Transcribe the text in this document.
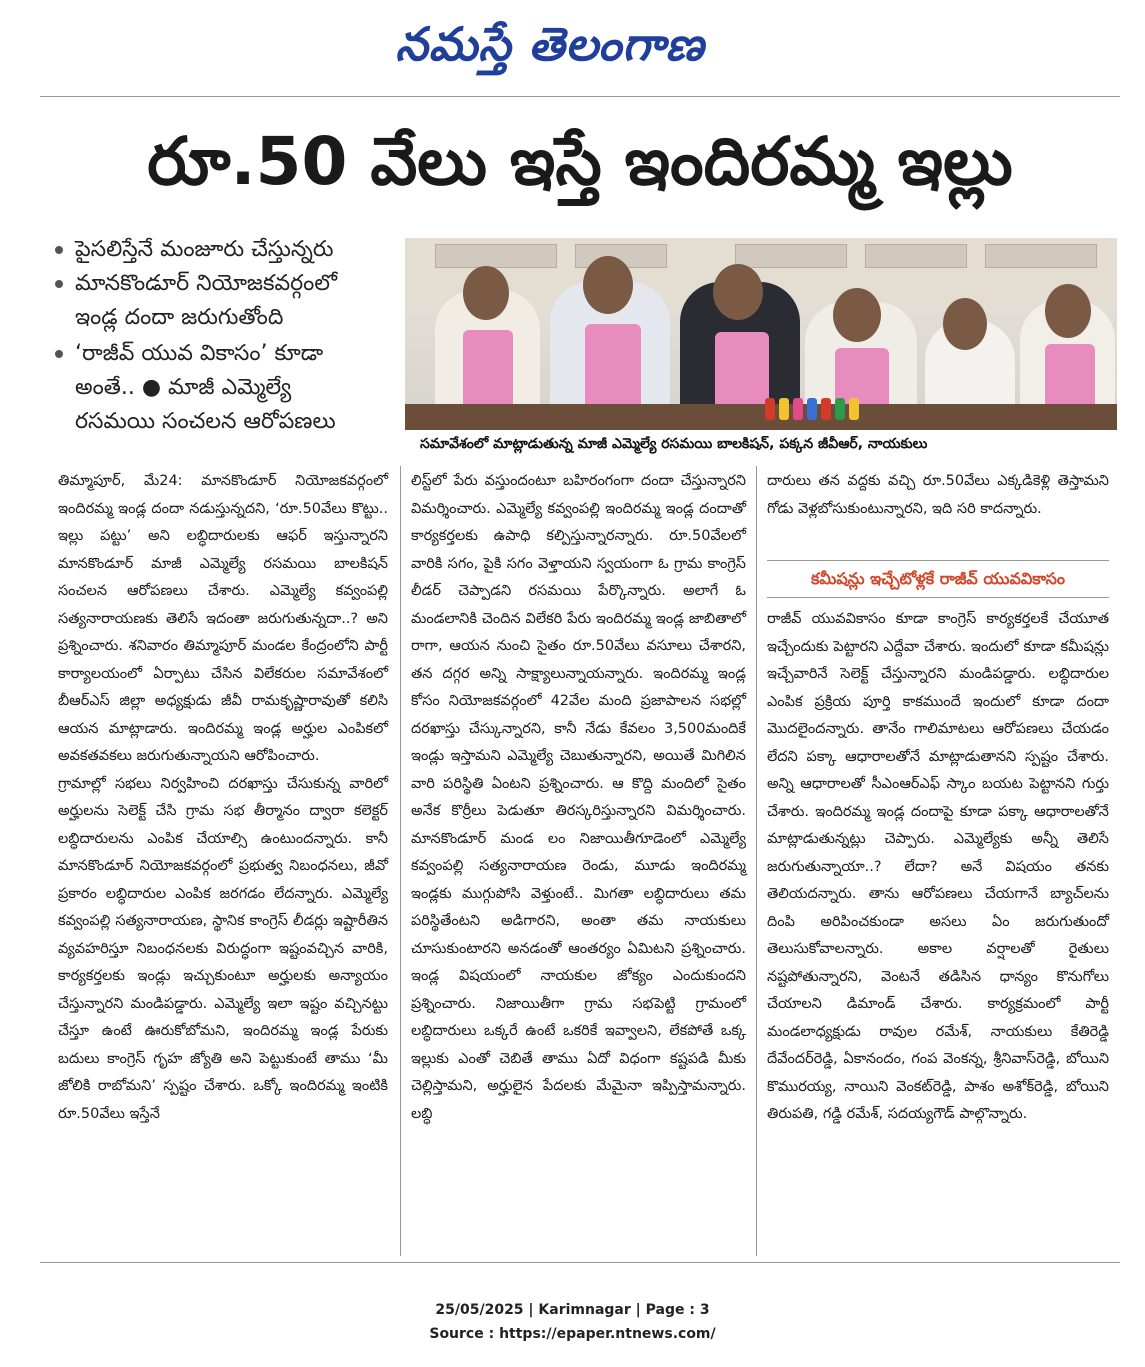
నమస్తే తెలంగాణ
రూ.50 వేలు ఇస్తే ఇందిరమ్మ ఇల్లు
పైసలిస్తేనే మంజూరు చేస్తున్నరు
మానకొండూర్ నియోజకవర్గంలో
ఇండ్ల దందా జరుగుతోంది
‘రాజీవ్ యువ వికాసం’ కూడా
అంతే.. ● మాజీ ఎమ్మెల్యే
రసమయి సంచలన ఆరోపణలు
సమావేశంలో మాట్లాడుతున్న మాజీ ఎమ్మెల్యే రసమయి బాలకిషన్, పక్కన జీవీఆర్, నాయకులు

తిమ్మాపూర్, మే24: మానకొండూర్ నియోజకవర్గంలో ఇందిరమ్మ ఇండ్ల దందా నడుస్తున్నదని, ‘రూ.50వేలు కొట్టు.. ఇల్లు పట్టు’ అని లబ్ధిదారులకు ఆఫర్ ఇస్తున్నారని మానకొండూర్ మాజీ ఎమ్మెల్యే రసమయి బాలకిషన్ సంచలన ఆరోపణలు చేశారు. ఎమ్మెల్యే కవ్వంపల్లి సత్యనారాయణకు తెలిసే ఇదంతా జరుగుతున్నదా..? అని ప్రశ్నించారు. శనివారం తిమ్మాపూర్ మండల కేంద్రంలోని పార్టీ కార్యాలయంలో ఏర్పాటు చేసిన విలేకరుల సమావేశంలో బీఆర్ఎస్ జిల్లా అధ్యక్షుడు జీవీ రామకృష్ణారావుతో కలిసి ఆయన మాట్లాడారు. ఇందిరమ్మ ఇండ్ల అర్హుల ఎంపికలో అవకతవకలు జరుగుతున్నాయని ఆరోపించారు.

గ్రామాల్లో సభలు నిర్వహించి దరఖాస్తు చేసుకున్న వారిలో అర్హులను సెలెక్ట్ చేసి గ్రామ సభ తీర్మానం ద్వారా కలెక్టర్ లబ్ధిదారులను ఎంపిక చేయాల్సి ఉంటుందన్నారు. కానీ మానకొండూర్ నియోజకవర్గంలో ప్రభుత్వ నిబంధనలు, జీవో ప్రకారం లబ్ధిదారుల ఎంపిక జరగడం లేదన్నారు. ఎమ్మెల్యే కవ్వంపల్లి సత్యనారాయణ, స్థానిక కాంగ్రెస్ లీడర్లు ఇష్టారీతిన వ్యవహరిస్తూ నిబంధనలకు విరుద్ధంగా ఇష్టంవచ్చిన వారికి, కార్యకర్తలకు ఇండ్లు ఇచ్చుకుంటూ అర్హులకు అన్యాయం చేస్తున్నారని మండిపడ్డారు. ఎమ్మెల్యే ఇలా ఇష్టం వచ్చినట్టు చేస్తూ ఉంటే ఊరుకోబోమని, ఇందిరమ్మ ఇండ్ల పేరుకు బదులు కాంగ్రెస్ గృహ జ్యోతి అని పెట్టుకుంటే తాము ‘మీ జోలికి రాబోమని’ స్పష్టం చేశారు. ఒక్కో ఇందిరమ్మ ఇంటికి రూ.50వేలు ఇస్తేనే

లిస్ట్‌లో పేరు వస్తుందంటూ బహిరంగంగా దందా చేస్తున్నారని విమర్శించారు. ఎమ్మెల్యే కవ్వంపల్లి ఇందిరమ్మ ఇండ్ల దందాతో కార్యకర్తలకు ఉపాధి కల్పిస్తున్నారన్నారు. రూ.50వేలలో వారికి సగం, పైకి సగం వెళ్తాయని స్వయంగా ఓ గ్రామ కాంగ్రెస్ లీడర్ చెప్పాడని రసమయి పేర్కొన్నారు. అలాగే ఓ మండలానికి చెందిన విలేకరి పేరు ఇందిరమ్మ ఇండ్ల జాబితాలో రాగా, ఆయన నుంచి సైతం రూ.50వేలు వసూలు చేశారని, తన దగ్గర అన్ని సాక్ష్యాలున్నాయన్నారు. ఇందిరమ్మ ఇండ్ల కోసం నియోజకవర్గంలో 42వేల మంది ప్రజాపాలన సభల్లో దరఖాస్తు చేస్కున్నారని, కానీ నేడు కేవలం 3,500మందికే ఇండ్లు ఇస్తామని ఎమ్మెల్యే చెబుతున్నారని, అయితే మిగిలిన వారి పరిస్థితి ఏంటని ప్రశ్నించారు. ఆ కొద్ది మందిలో సైతం అనేక కొర్రీలు పెడుతూ తిరస్కరిస్తున్నారని విమర్శించారు. మానకొండూర్ మండ లం నిజాయితీగూడెంలో ఎమ్మెల్యే కవ్వంపల్లి సత్యనారాయణ రెండు, మూడు ఇందిరమ్మ ఇండ్లకు ముగ్గుపోసి వెళ్తుంటే.. మిగతా లబ్ధిదారులు తమ పరిస్థితేంటని అడిగారని, అంతా తమ నాయకులు చూసుకుంటారని అనడంతో ఆంతర్యం ఏమిటని ప్రశ్నించారు. ఇండ్ల విషయంలో నాయకుల జోక్యం ఎందుకుందని ప్రశ్నించారు. నిజాయితీగా గ్రామ సభపెట్టి గ్రామంలో లబ్ధిదారులు ఒక్కరే ఉంటే ఒకరికే ఇవ్వాలని, లేకపోతే ఒక్క ఇల్లుకు ఎంతో చెబితే తాము ఏదో విధంగా కష్టపడి మీకు చెల్లిస్తామని, అర్హులైన పేదలకు మేమైనా ఇప్పిస్తామన్నారు. లబ్ధి

దారులు తన వద్దకు వచ్చి రూ.50వేలు ఎక్కడికెళ్లి తెస్తామని గోడు వెళ్లబోసుకుంటున్నారని, ఇది సరి కాదన్నారు.

కమీషన్లు ఇచ్చేటోళ్లకే రాజీవ్ యువవికాసం

రాజీవ్ యువవికాసం కూడా కాంగ్రెస్ కార్యకర్తలకే చేయూత ఇచ్చేందుకు పెట్టారని ఎద్దేవా చేశారు. ఇందులో కూడా కమీషన్లు ఇచ్చేవారినే సెలెక్ట్ చేస్తున్నారని మండిపడ్డారు. లబ్ధిదారుల ఎంపిక ప్రక్రియ పూర్తి కాకముందే ఇందులో కూడా దందా మొదలైందన్నారు. తానేం గాలిమాటలు ఆరోపణలు చేయడం లేదని పక్కా ఆధారాలతోనే మాట్లాడుతానని స్పష్టం చేశారు. అన్ని ఆధారాలతో సీఎంఆర్ఎఫ్ స్కాం బయట పెట్టానని గుర్తు చేశారు. ఇందిరమ్మ ఇండ్ల దందాపై కూడా పక్కా ఆధారాలతోనే మాట్లాడుతున్నట్లు చెప్పారు. ఎమ్మెల్యేకు అన్నీ తెలిసే జరుగుతున్నాయా..? లేదా? అనే విషయం తనకు తెలియదన్నారు. తాను ఆరోపణలు చేయగానే బ్యాచ్‌లను దింపి అరిపించకుండా అసలు ఏం జరుగుతుందో తెలుసుకోవాలన్నారు. అకాల వర్షాలతో రైతులు నష్టపోతున్నారని, వెంటనే తడిసిన ధాన్యం కొనుగోలు చేయాలని డిమాండ్ చేశారు. కార్యక్రమంలో పార్టీ మండలాధ్యక్షుడు రావుల రమేశ్, నాయకులు కేతిరెడ్డి దేవేందర్‌రెడ్డి, ఏకానందం, గంప వెంకన్న, శ్రీనివాస్‌రెడ్డి, బోయిని కొమురయ్య, నాయిని వెంకట్‌రెడ్డి, పాశం అశోక్‌రెడ్డి, బోయిని తిరుపతి, గడ్డి రమేశ్, సదయ్యగౌడ్ పాల్గొన్నారు.

25/05/2025 | Karimnagar | Page : 3
Source : https://epaper.ntnews.com/
